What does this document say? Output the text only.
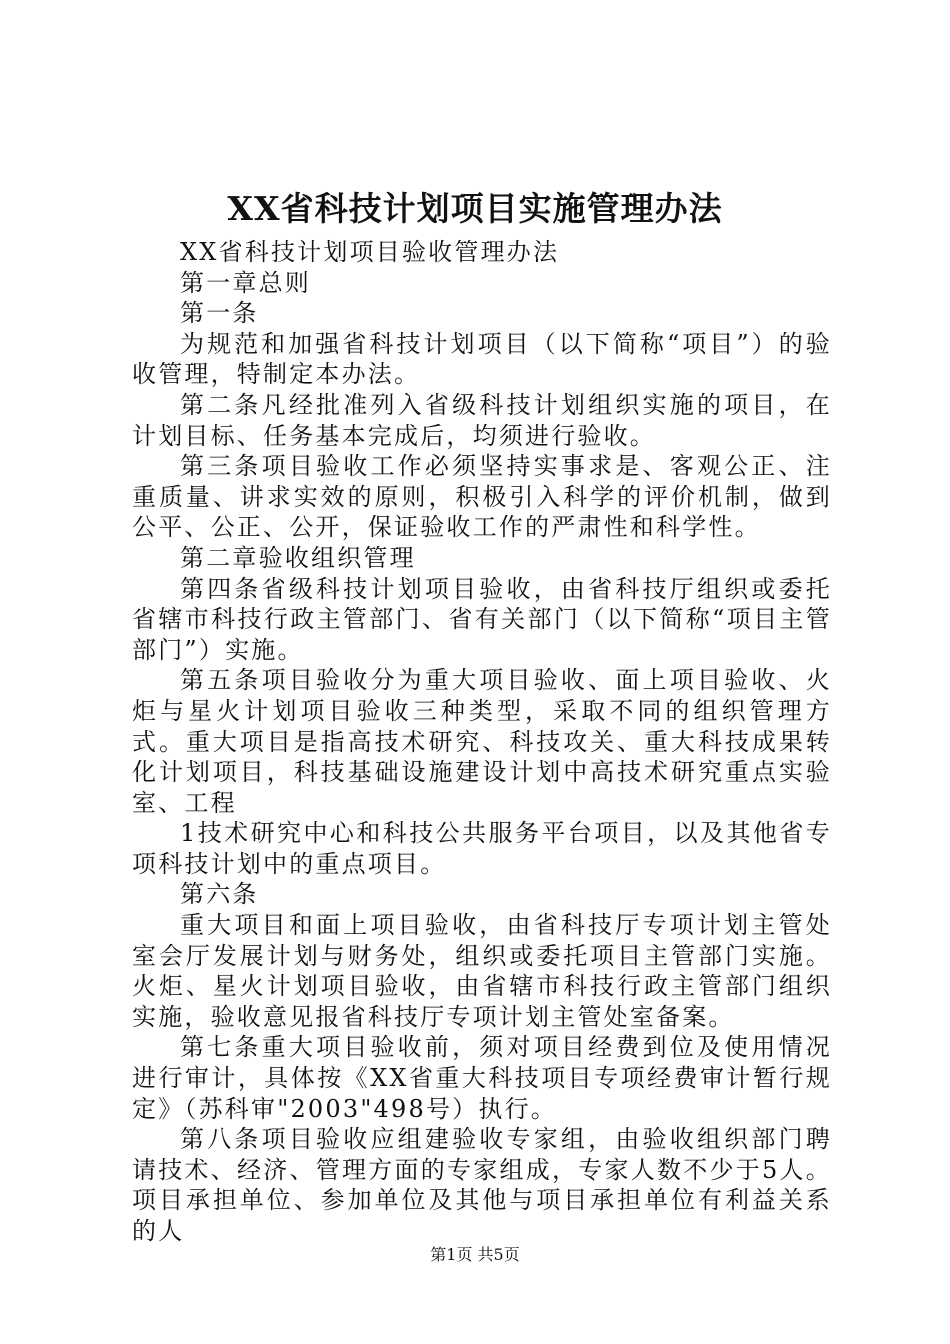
XX省科技计划项目实施管理办法

XX省科技计划项目验收管理办法

第一章总则

第一条

为规范和加强省科技计划项目（以下简称“项目”）的验收管理，特制定本办法。

第二条凡经批准列入省级科技计划组织实施的项目，在计划目标、任务基本完成后，均须进行验收。

第三条项目验收工作必须坚持实事求是、客观公正、注重质量、讲求实效的原则，积极引入科学的评价机制，做到公平、公正、公开，保证验收工作的严肃性和科学性。

第二章验收组织管理

第四条省级科技计划项目验收，由省科技厅组织或委托省辖市科技行政主管部门、省有关部门（以下简称“项目主管部门”）实施。

第五条项目验收分为重大项目验收、面上项目验收、火炬与星火计划项目验收三种类型，采取不同的组织管理方式。重大项目是指高技术研究、科技攻关、重大科技成果转化计划项目，科技基础设施建设计划中高技术研究重点实验室、工程

1技术研究中心和科技公共服务平台项目，以及其他省专项科技计划中的重点项目。

第六条

重大项目和面上项目验收，由省科技厅专项计划主管处室会厅发展计划与财务处，组织或委托项目主管部门实施。火炬、星火计划项目验收，由省辖市科技行政主管部门组织实施，验收意见报省科技厅专项计划主管处室备案。

第七条重大项目验收前，须对项目经费到位及使用情况进行审计，具体按《XX省重大科技项目专项经费审计暂行规定》（苏科审"2003"498号）执行。

第八条项目验收应组建验收专家组，由验收组织部门聘请技术、经济、管理方面的专家组成，专家人数不少于5人。项目承担单位、参加单位及其他与项目承担单位有利益关系的人

第1页 共5页
